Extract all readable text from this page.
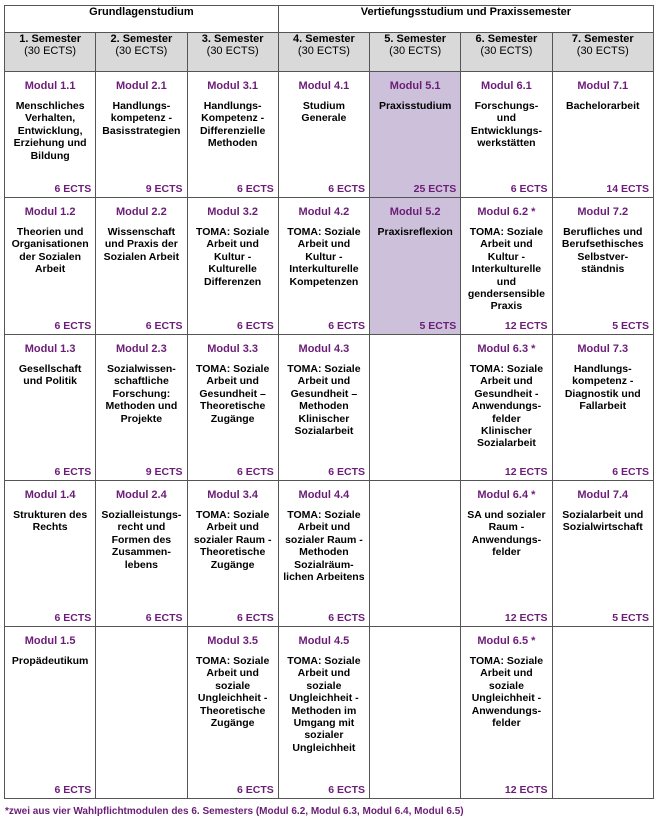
Grundlagenstudium			Vertiefungsstudium und Praxissemester			
1. Semester
(30 ECTS)	2. Semester
(30 ECTS)	3. Semester
(30 ECTS)	4. Semester
(30 ECTS)	5. Semester
(30 ECTS)	6. Semester
(30 ECTS)	7. Semester
(30 ECTS)

Modul 1.1
Menschliches Verhalten, Entwicklung, Erziehung und Bildung
6 ECTS	Modul 2.1
Handlungs-kompetenz - Basisstrategien
9 ECTS	Modul 3.1
Handlungs-Kompetenz - Differenzielle Methoden
6 ECTS	Modul 4.1
Studium Generale
6 ECTS	Modul 5.1
Praxisstudium
25 ECTS	Modul 6.1
Forschungs- und Entwicklungs-werkstätten
6 ECTS	Modul 7.1
Bachelorarbeit
14 ECTS

Modul 1.2
Theorien und Organisationen der Sozialen Arbeit
6 ECTS	Modul 2.2
Wissenschaft und Praxis der Sozialen Arbeit
6 ECTS	Modul 3.2
TOMA: Soziale Arbeit und Kultur - Kulturelle Differenzen
6 ECTS	Modul 4.2
TOMA: Soziale Arbeit und Kultur - Interkulturelle Kompetenzen
6 ECTS	Modul 5.2
Praxisreflexion
5 ECTS	Modul 6.2 *
TOMA: Soziale Arbeit und Kultur - Interkulturelle und gendersensible Praxis
12 ECTS	Modul 7.2
Berufliches und Berufsethisches Selbstver-ständnis
5 ECTS

Modul 1.3
Gesellschaft und Politik
6 ECTS	Modul 2.3
Sozialwissen-schaftliche Forschung: Methoden und Projekte
9 ECTS	Modul 3.3
TOMA: Soziale Arbeit und Gesundheit – Theoretische Zugänge
6 ECTS	Modul 4.3
TOMA: Soziale Arbeit und Gesundheit – Methoden Klinischer Sozialarbeit
6 ECTS		Modul 6.3 *
TOMA: Soziale Arbeit und Gesundheit - Anwendungs-felder Klinischer Sozialarbeit
12 ECTS	Modul 7.3
Handlungs-kompetenz - Diagnostik und Fallarbeit
6 ECTS

Modul 1.4
Strukturen des Rechts
6 ECTS	Modul 2.4
Sozialleistungs-recht und Formen des Zusammen-lebens
6 ECTS	Modul 3.4
TOMA: Soziale Arbeit und sozialer Raum - Theoretische Zugänge
6 ECTS	Modul 4.4
TOMA: Soziale Arbeit und sozialer Raum - Methoden Sozialräum-lichen Arbeitens
6 ECTS		Modul 6.4 *
SA und sozialer Raum - Anwendungs-felder
12 ECTS	Modul 7.4
Sozialarbeit und Sozialwirtschaft
5 ECTS

Modul 1.5
Propädeutikum
6 ECTS		Modul 3.5
TOMA: Soziale Arbeit und soziale Ungleichheit - Theoretische Zugänge
6 ECTS	Modul 4.5
TOMA: Soziale Arbeit und soziale Ungleichheit - Methoden im Umgang mit sozialer Ungleichheit
6 ECTS		Modul 6.5 *
TOMA: Soziale Arbeit und soziale Ungleichheit - Anwendungs-felder
12 ECTS	

*zwei aus vier Wahlpflichtmodulen des 6. Semesters (Modul 6.2, Modul 6.3, Modul 6.4, Modul 6.5)
